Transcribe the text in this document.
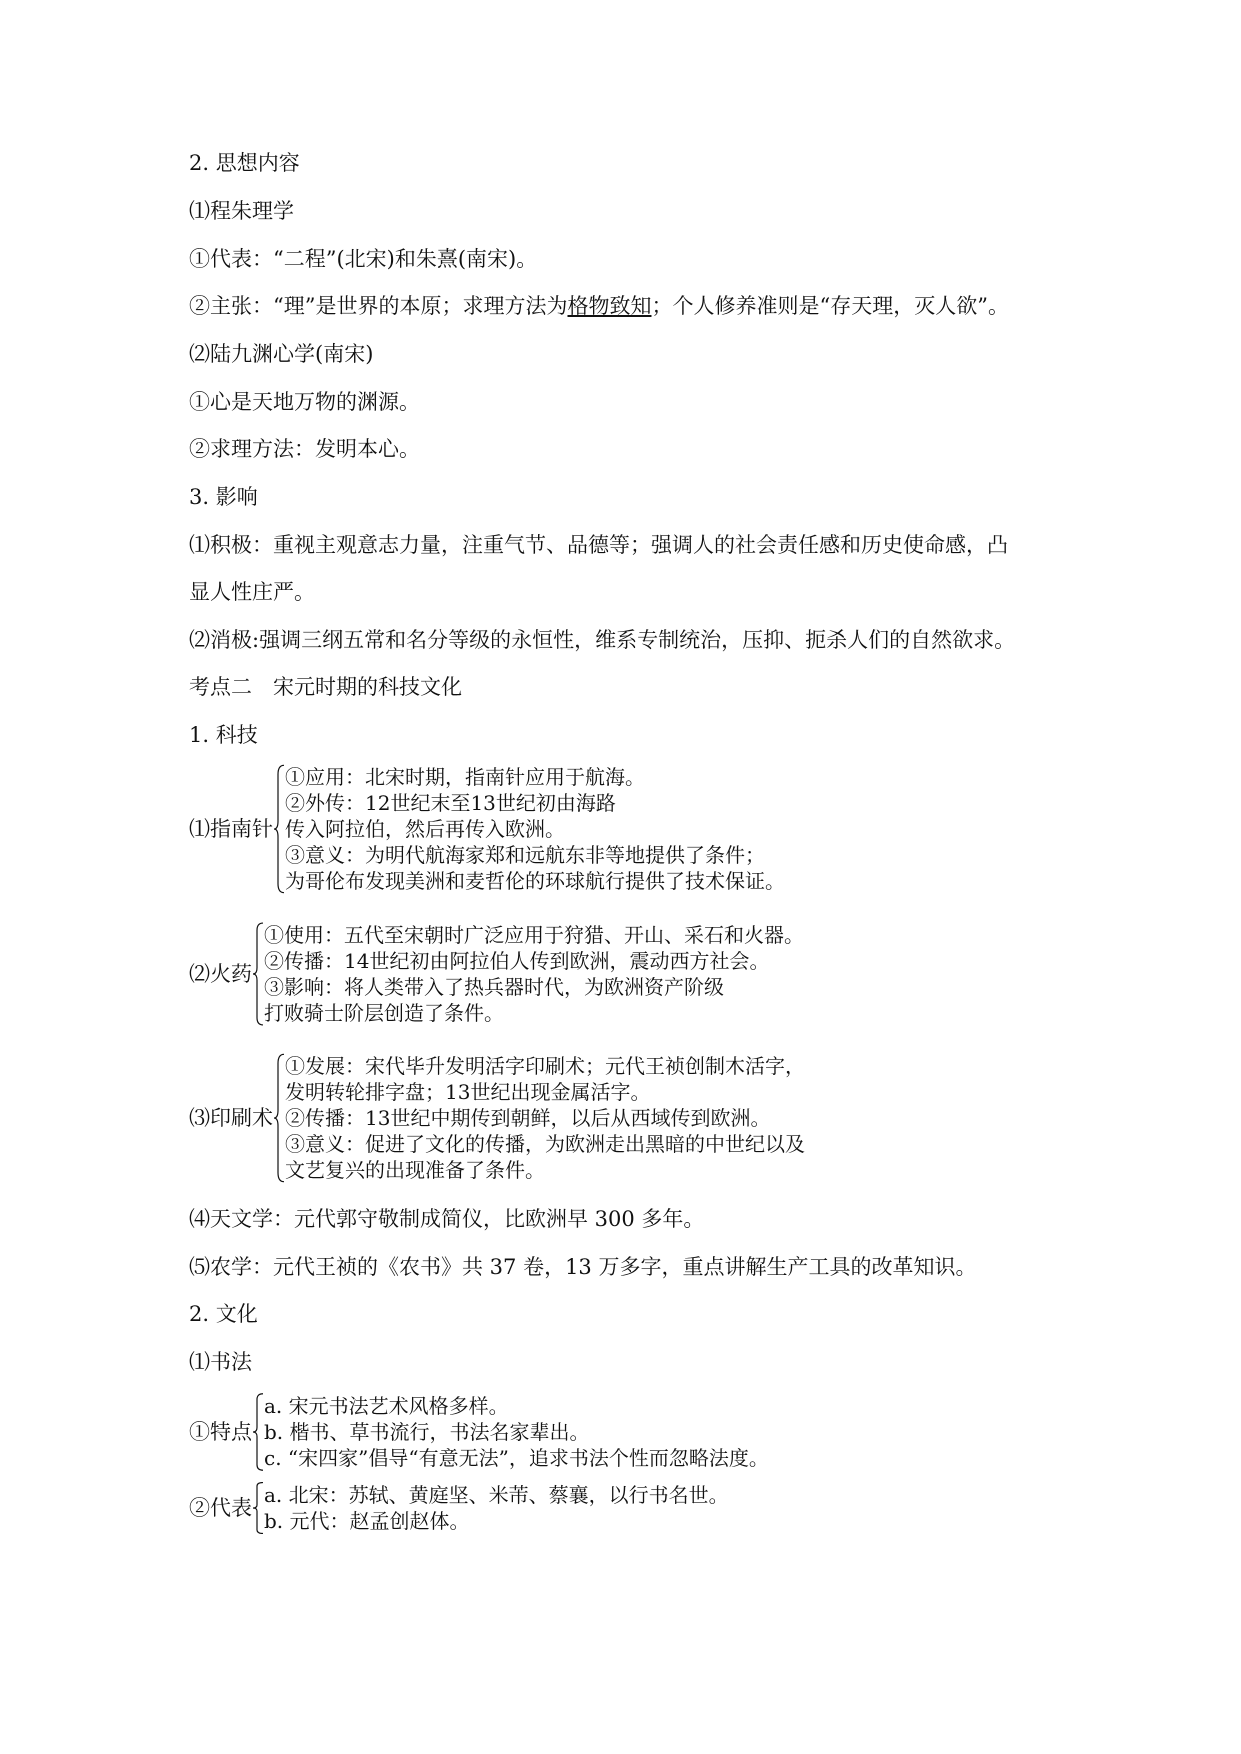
2. 思想内容
⑴程朱理学
①代表：“二程”(北宋)和朱熹(南宋)。
②主张：“理”是世界的本原；求理方法为格物致知；个人修养准则是“存天理，灭人欲”。
⑵陆九渊心学(南宋)
①心是天地万物的渊源。
②求理方法：发明本心。
3. 影响
⑴积极：重视主观意志力量，注重气节、品德等；强调人的社会责任感和历史使命感，凸
显人性庄严。
⑵消极:强调三纲五常和名分等级的永恒性，维系专制统治，压抑、扼杀人们的自然欲求。
考点二　宋元时期的科技文化
1. 科技
⑴指南针
①应用：北宋时期，指南针应用于航海。
②外传：12世纪末至13世纪初由海路
传入阿拉伯，然后再传入欧洲。
③意义：为明代航海家郑和远航东非等地提供了条件；
为哥伦布发现美洲和麦哲伦的环球航行提供了技术保证。
⑵火药
①使用：五代至宋朝时广泛应用于狩猎、开山、采石和火器。
②传播：14世纪初由阿拉伯人传到欧洲，震动西方社会。
③影响：将人类带入了热兵器时代，为欧洲资产阶级
打败骑士阶层创造了条件。
⑶印刷术
①发展：宋代毕升发明活字印刷术；元代王祯创制木活字，
发明转轮排字盘；13世纪出现金属活字。
②传播：13世纪中期传到朝鲜，以后从西域传到欧洲。
③意义：促进了文化的传播，为欧洲走出黑暗的中世纪以及
文艺复兴的出现准备了条件。
⑷天文学：元代郭守敬制成简仪，比欧洲早 300 多年。
⑸农学：元代王祯的《农书》共 37 卷，13 万多字，重点讲解生产工具的改革知识。
2. 文化
⑴书法
①特点
a. 宋元书法艺术风格多样。
b. 楷书、草书流行，书法名家辈出。
c. “宋四家”倡导“有意无法”，追求书法个性而忽略法度。
②代表
a. 北宋：苏轼、黄庭坚、米芾、蔡襄，以行书名世。
b. 元代：赵孟创赵体。
